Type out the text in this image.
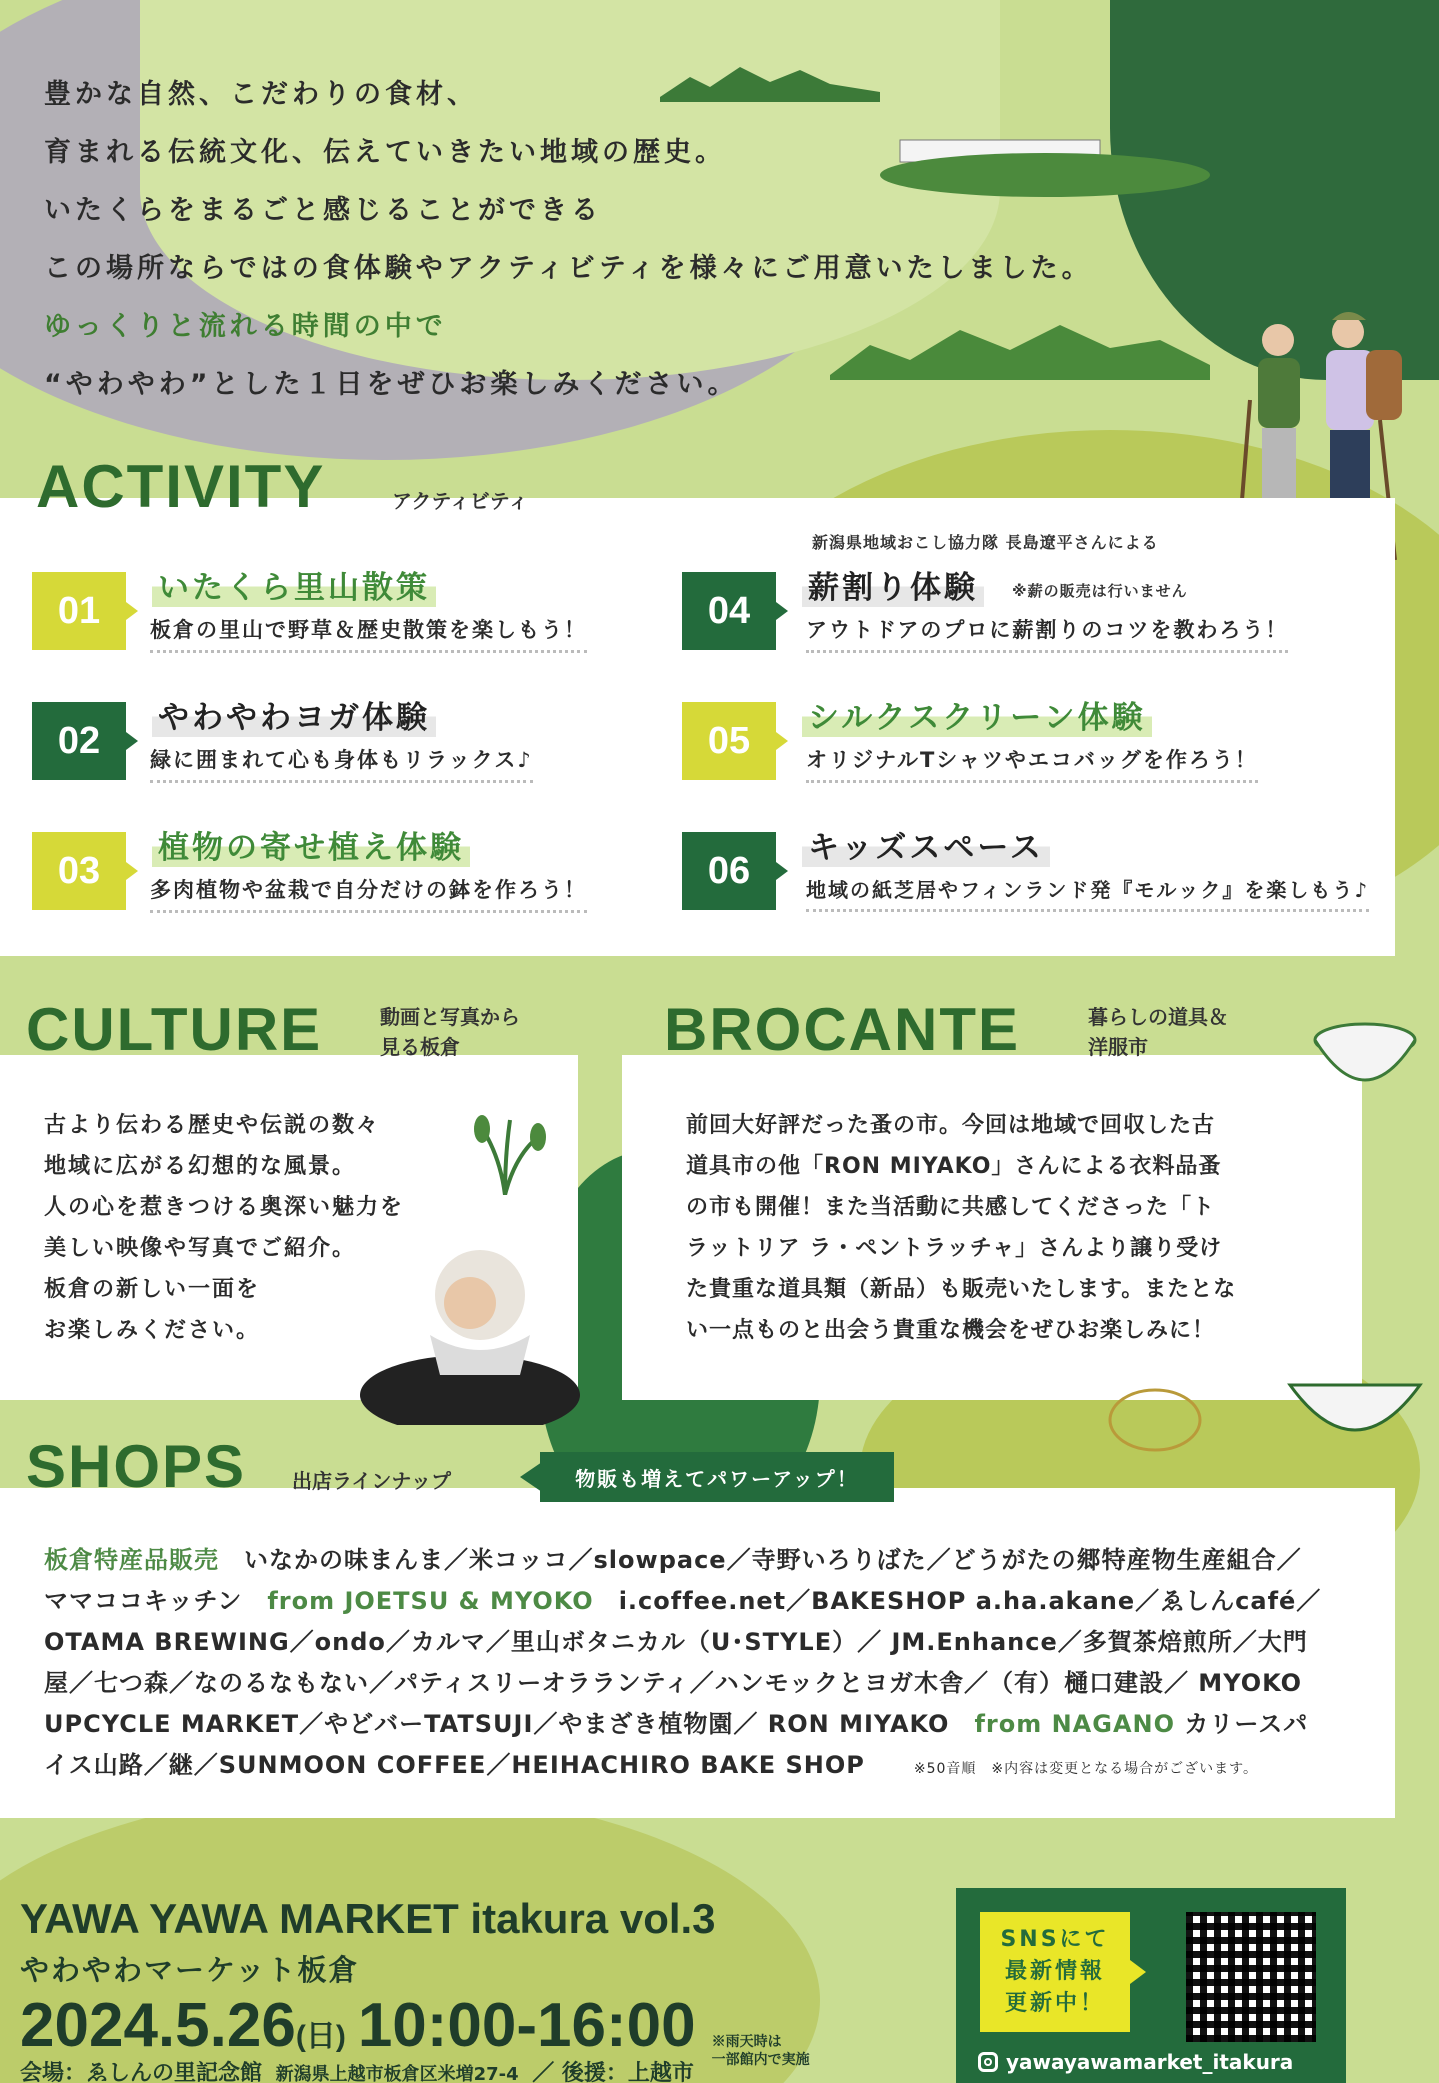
豊かな自然、こだわりの食材、

育まれる伝統文化、伝えていきたい地域の歴史。

いたくらをまるごと感じることができる

この場所ならではの食体験やアクティビティを様々にご用意いたしました。

ゆっくりと流れる時間の中で

“やわやわ”とした１日をぜひお楽しみください。

ACTIVITY	アクティビティ
新潟県地域おこし協力隊 長島遼平さんによる
01
いたくら里山散策
板倉の里山で野草＆歴史散策を楽しもう！
02
やわやわヨガ体験
緑に囲まれて心も身体もリラックス♪
03
植物の寄せ植え体験
多肉植物や盆栽で自分だけの鉢を作ろう！
04
薪割り体験	※薪の販売は行いません
アウトドアのプロに薪割りのコツを教わろう！
05
シルクスクリーン体験
オリジナルTシャツやエコバッグを作ろう！
06
キッズスペース
地域の紙芝居やフィンランド発『モルック』を楽しもう♪
CULTURE	動画と写真から
見る板倉
古より伝わる歴史や伝説の数々
地域に広がる幻想的な風景。
人の心を惹きつける奥深い魅力を
美しい映像や写真でご紹介。
板倉の新しい一面を
お楽しみください。
BROCANTE	暮らしの道具＆
洋服市
前回大好評だった蚤の市。今回は地域で回収した古
道具市の他「RON MIYAKO」さんによる衣料品蚤
の市も開催！また当活動に共感してくださった「ト
ラットリア ラ・ペントラッチャ」さんより譲り受け
た貴重な道具類（新品）も販売いたします。またとな
い一点ものと出会う貴重な機会をぜひお楽しみに！
SHOPS 出店ラインナップ	物販も増えてパワーアップ！
板倉特産品販売　 いなかの味まんま／米コッコ／slowpace／寺野いろりばた／どうがたの郷特産物生産組合／
ママココキッチン　 from JOETSU & MYOKO　 i.coffee.net／BAKESHOP a.ha.akane／ゑしんcafé／
OTAMA BREWING／ondo／カルマ／里山ボタニカル（U･STYLE）／ JM.Enhance／多賀茶焙煎所／大門
屋／七つ森／なのるなもない／パティスリーオラランティ／ハンモックとヨガ木舎／（有）樋口建設／ MYOKO
UPCYCLE MARKET／やどバーTATSUJI／やまざき植物園／ RON MIYAKO　 from NAGANO カリースパ
イス山路／継／SUNMOON COFFEE／HEIHACHIRO BAKE SHOP　	※50音順　※内容は変更となる場合がございます。
YAWA YAWA MARKET itakura vol.3
やわやわマーケット板倉
2024.5.26 (日) 10:00-16:00 ※雨天時は
一部館内で実施
会場：ゑしんの里記念館 新潟県上越市板倉区米増27-4 ／ 後援：上越市
SNSにて
最新情報
更新中！
yawayawamarket_itakura
